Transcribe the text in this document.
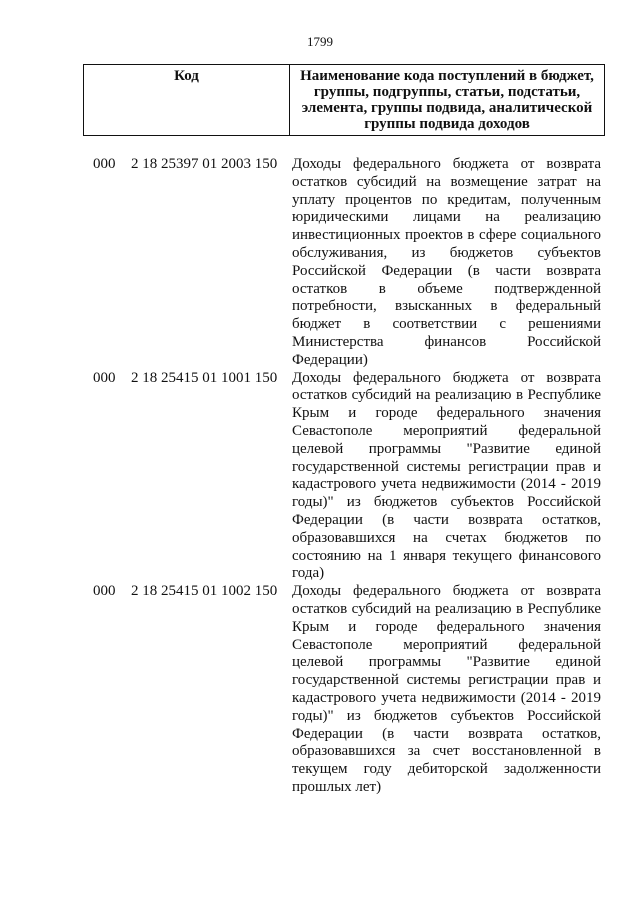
1799
Код	Наименование кода поступлений в бюджет, группы, подгруппы, статьи, подстатьи, элемента, группы подвида, аналитической группы подвида доходов
000 2 18 25397 01 2003 150 Доходы федерального бюджета от возврата остатков субсидий на возмещение затрат на уплату процентов по кредитам, полученным юридическими лицами на реализацию инвестиционных проектов в сфере социального обслуживания, из бюджетов субъектов Российской Федерации (в части возврата остатков в объеме подтвержденной потребности, взысканных в федеральный бюджет в соответствии с решениями Министерства финансов Российской Федерации)
000 2 18 25415 01 1001 150 Доходы федерального бюджета от возврата остатков субсидий на реализацию в Республике Крым и городе федерального значения Севастополе мероприятий федеральной целевой программы "Развитие единой государственной системы регистрации прав и кадастрового учета недвижимости (2014 - 2019 годы)" из бюджетов субъектов Российской Федерации (в части возврата остатков, образовавшихся на счетах бюджетов по состоянию на 1 января текущего финансового года)
000 2 18 25415 01 1002 150 Доходы федерального бюджета от возврата остатков субсидий на реализацию в Республике Крым и городе федерального значения Севастополе мероприятий федеральной целевой программы "Развитие единой государственной системы регистрации прав и кадастрового учета недвижимости (2014 - 2019 годы)" из бюджетов субъектов Российской Федерации (в части возврата остатков, образовавшихся за счет восстановленной в текущем году дебиторской задолженности прошлых лет)
